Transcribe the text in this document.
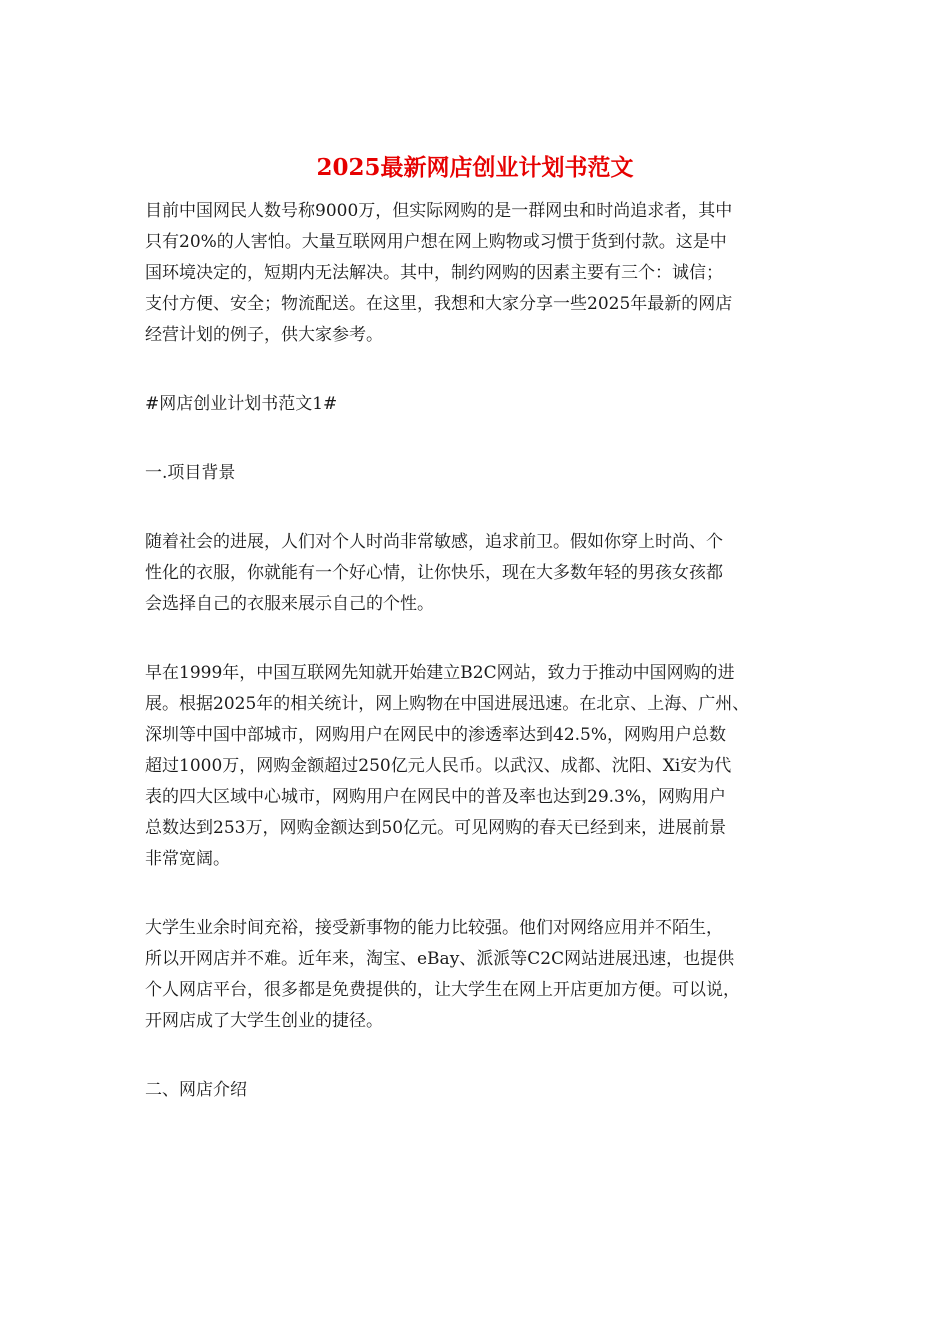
2025最新网店创业计划书范文

目前中国网民人数号称9000万，但实际网购的是一群网虫和时尚追求者，其中
只有20%的人害怕。大量互联网用户想在网上购物或习惯于货到付款。这是中
国环境决定的，短期内无法解决。其中，制约网购的因素主要有三个：诚信；
支付方便、安全；物流配送。在这里，我想和大家分享一些2025年最新的网店
经营计划的例子，供大家参考。

#网店创业计划书范文1#

一.项目背景

随着社会的进展，人们对个人时尚非常敏感，追求前卫。假如你穿上时尚、个
性化的衣服，你就能有一个好心情，让你快乐，现在大多数年轻的男孩女孩都
会选择自己的衣服来展示自己的个性。

早在1999年，中国互联网先知就开始建立B2C网站，致力于推动中国网购的进
展。根据2025年的相关统计，网上购物在中国进展迅速。在北京、上海、广州、
深圳等中国中部城市，网购用户在网民中的渗透率达到42.5%，网购用户总数
超过1000万，网购金额超过250亿元人民币。以武汉、成都、沈阳、Xi安为代
表的四大区域中心城市，网购用户在网民中的普及率也达到29.3%，网购用户
总数达到253万，网购金额达到50亿元。可见网购的春天已经到来，进展前景
非常宽阔。

大学生业余时间充裕，接受新事物的能力比较强。他们对网络应用并不陌生，
所以开网店并不难。近年来，淘宝、eBay、派派等C2C网站进展迅速，也提供
个人网店平台，很多都是免费提供的，让大学生在网上开店更加方便。可以说，
开网店成了大学生创业的捷径。

二、网店介绍
